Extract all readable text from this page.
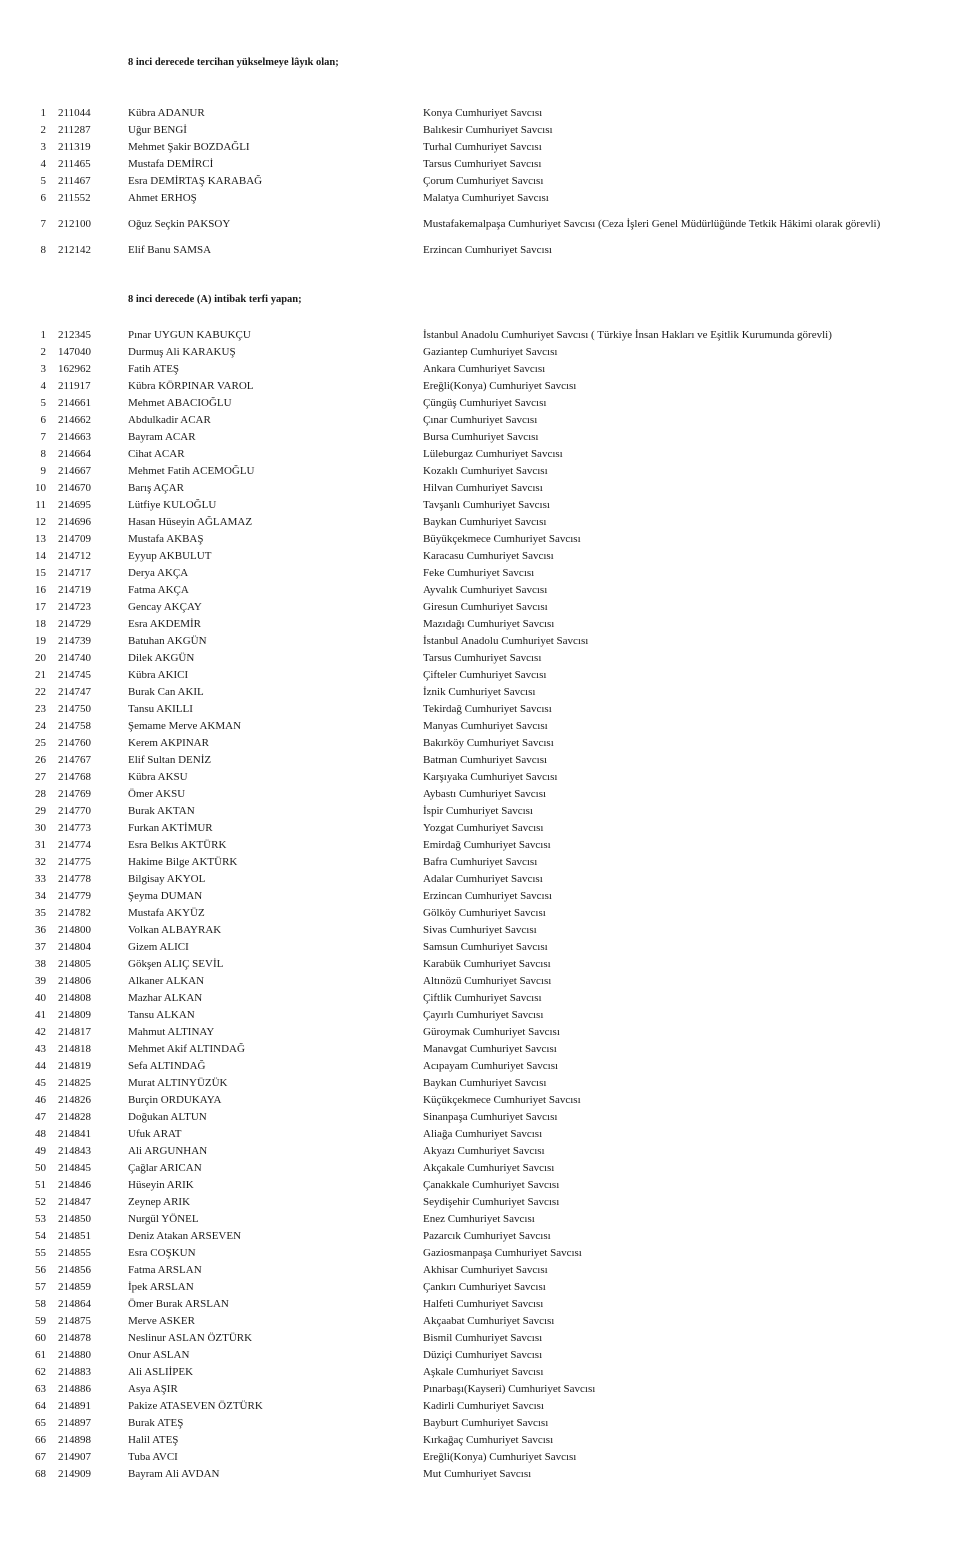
8 inci derecede tercihan yükselmeye lâyık olan;
1 211044	Kübra ADANUR	Konya Cumhuriyet Savcısı
2 211287	Uğur BENGİ	Balıkesir Cumhuriyet Savcısı
3 211319	Mehmet Şakir BOZDAĞLI	Turhal Cumhuriyet Savcısı
4 211465	Mustafa DEMİRCİ	Tarsus Cumhuriyet Savcısı
5 211467	Esra DEMİRTAŞ KARABAĞ	Çorum Cumhuriyet Savcısı
6 211552	Ahmet ERHOŞ	Malatya Cumhuriyet Savcısı
7 212100	Oğuz Seçkin PAKSOY	Mustafakemalpaşa Cumhuriyet Savcısı (Ceza İşleri Genel Müdürlüğünde Tetkik Hâkimi olarak görevli)
8 212142	Elif Banu SAMSA	Erzincan Cumhuriyet Savcısı
8 inci derecede (A) intibak terfi yapan;
1 212345	Pınar UYGUN KABUKÇU	İstanbul Anadolu Cumhuriyet Savcısı ( Türkiye İnsan Hakları ve Eşitlik Kurumunda görevli)
2 147040	Durmuş Ali KARAKUŞ	Gaziantep Cumhuriyet Savcısı
3 162962	Fatih ATEŞ	Ankara Cumhuriyet Savcısı
4 211917	Kübra KÖRPINAR VAROL	Ereğli(Konya) Cumhuriyet Savcısı
5 214661	Mehmet ABACIOĞLU	Çüngüş Cumhuriyet Savcısı
6 214662	Abdulkadir ACAR	Çınar Cumhuriyet Savcısı
7 214663	Bayram ACAR	Bursa Cumhuriyet Savcısı
8 214664	Cihat ACAR	Lüleburgaz Cumhuriyet Savcısı
9 214667	Mehmet Fatih ACEMOĞLU	Kozaklı Cumhuriyet Savcısı
10 214670	Barış AÇAR	Hilvan Cumhuriyet Savcısı
11 214695	Lütfiye KULOĞLU	Tavşanlı Cumhuriyet Savcısı
12 214696	Hasan Hüseyin AĞLAMAZ	Baykan Cumhuriyet Savcısı
13 214709	Mustafa AKBAŞ	Büyükçekmece Cumhuriyet Savcısı
14 214712	Eyyup AKBULUT	Karacasu Cumhuriyet Savcısı
15 214717	Derya AKÇA	Feke Cumhuriyet Savcısı
16 214719	Fatma AKÇA	Ayvalık Cumhuriyet Savcısı
17 214723	Gencay AKÇAY	Giresun Cumhuriyet Savcısı
18 214729	Esra AKDEMİR	Mazıdağı Cumhuriyet Savcısı
19 214739	Batuhan AKGÜN	İstanbul Anadolu Cumhuriyet Savcısı
20 214740	Dilek AKGÜN	Tarsus Cumhuriyet Savcısı
21 214745	Kübra AKICI	Çifteler Cumhuriyet Savcısı
22 214747	Burak Can AKIL	İznik Cumhuriyet Savcısı
23 214750	Tansu AKILLI	Tekirdağ Cumhuriyet Savcısı
24 214758	Şemame Merve AKMAN	Manyas Cumhuriyet Savcısı
25 214760	Kerem AKPINAR	Bakırköy Cumhuriyet Savcısı
26 214767	Elif Sultan DENİZ	Batman Cumhuriyet Savcısı
27 214768	Kübra AKSU	Karşıyaka Cumhuriyet Savcısı
28 214769	Ömer AKSU	Aybastı Cumhuriyet Savcısı
29 214770	Burak AKTAN	İspir Cumhuriyet Savcısı
30 214773	Furkan AKTİMUR	Yozgat Cumhuriyet Savcısı
31 214774	Esra Belkıs AKTÜRK	Emirdağ Cumhuriyet Savcısı
32 214775	Hakime Bilge AKTÜRK	Bafra Cumhuriyet Savcısı
33 214778	Bilgisay AKYOL	Adalar Cumhuriyet Savcısı
34 214779	Şeyma DUMAN	Erzincan Cumhuriyet Savcısı
35 214782	Mustafa AKYÜZ	Gölköy Cumhuriyet Savcısı
36 214800	Volkan ALBAYRAK	Sivas Cumhuriyet Savcısı
37 214804	Gizem ALICI	Samsun Cumhuriyet Savcısı
38 214805	Gökşen ALIÇ SEVİL	Karabük Cumhuriyet Savcısı
39 214806	Alkaner ALKAN	Altınözü Cumhuriyet Savcısı
40 214808	Mazhar ALKAN	Çiftlik Cumhuriyet Savcısı
41 214809	Tansu ALKAN	Çayırlı Cumhuriyet Savcısı
42 214817	Mahmut ALTINAY	Güroymak Cumhuriyet Savcısı
43 214818	Mehmet Akif ALTINDAĞ	Manavgat Cumhuriyet Savcısı
44 214819	Sefa ALTINDAĞ	Acıpayam Cumhuriyet Savcısı
45 214825	Murat ALTINYÜZÜK	Baykan Cumhuriyet Savcısı
46 214826	Burçin ORDUKAYA	Küçükçekmece Cumhuriyet Savcısı
47 214828	Doğukan ALTUN	Sinanpaşa Cumhuriyet Savcısı
48 214841	Ufuk ARAT	Aliağa Cumhuriyet Savcısı
49 214843	Ali ARGUNHAN	Akyazı Cumhuriyet Savcısı
50 214845	Çağlar ARICAN	Akçakale Cumhuriyet Savcısı
51 214846	Hüseyin ARIK	Çanakkale Cumhuriyet Savcısı
52 214847	Zeynep ARIK	Seydişehir Cumhuriyet Savcısı
53 214850	Nurgül YÖNEL	Enez Cumhuriyet Savcısı
54 214851	Deniz Atakan ARSEVEN	Pazarcık Cumhuriyet Savcısı
55 214855	Esra COŞKUN	Gaziosmanpaşa Cumhuriyet Savcısı
56 214856	Fatma ARSLAN	Akhisar Cumhuriyet Savcısı
57 214859	İpek ARSLAN	Çankırı Cumhuriyet Savcısı
58 214864	Ömer Burak ARSLAN	Halfeti Cumhuriyet Savcısı
59 214875	Merve ASKER	Akçaabat Cumhuriyet Savcısı
60 214878	Neslinur ASLAN ÖZTÜRK	Bismil Cumhuriyet Savcısı
61 214880	Onur ASLAN	Düziçi Cumhuriyet Savcısı
62 214883	Ali ASLIİPEK	Aşkale Cumhuriyet Savcısı
63 214886	Asya AŞIR	Pınarbaşı(Kayseri) Cumhuriyet Savcısı
64 214891	Pakize ATASEVEN ÖZTÜRK	Kadirli Cumhuriyet Savcısı
65 214897	Burak ATEŞ	Bayburt Cumhuriyet Savcısı
66 214898	Halil ATEŞ	Kırkağaç Cumhuriyet Savcısı
67 214907	Tuba AVCI	Ereğli(Konya) Cumhuriyet Savcısı
68 214909	Bayram Ali AVDAN	Mut Cumhuriyet Savcısı
